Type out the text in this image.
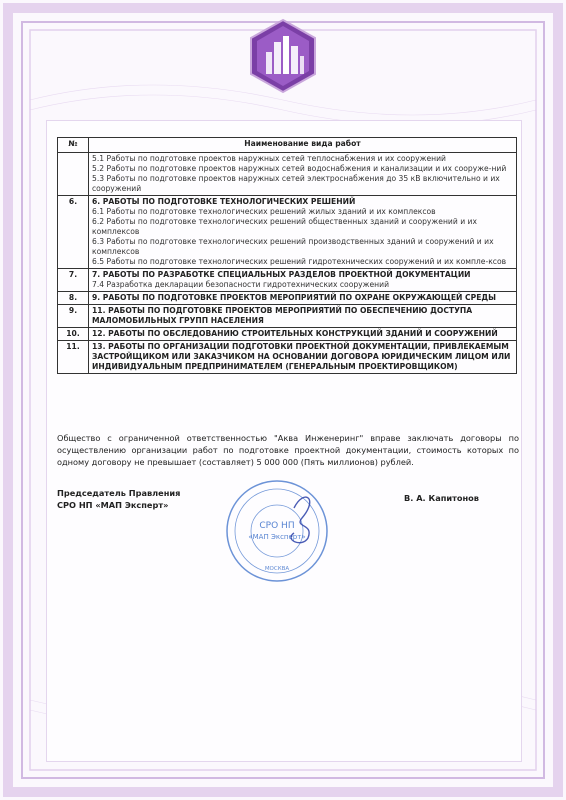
№	Наименование вида работ

	5.1 Работы по подготовке проектов наружных сетей теплоснабжения и их сооружений
5.2 Работы по подготовке проектов наружных сетей водоснабжения и канализации и их сооруже-ний
5.3 Работы по подготовке проектов наружных сетей электроснабжения до 35 кВ включительно и их сооружений

6.	6. РАБОТЫ ПО ПОДГОТОВКЕ ТЕХНОЛОГИЧЕСКИХ РЕШЕНИЙ
6.1 Работы по подготовке технологических решений жилых зданий и их комплексов
6.2 Работы по подготовке технологических решений общественных зданий и сооружений и их комплексов
6.3 Работы по подготовке технологических решений производственных зданий и сооружений и их комплексов
6.5 Работы по подготовке технологических решений гидротехнических сооружений и их компле-ксов

7.	7. РАБОТЫ ПО РАЗРАБОТКЕ СПЕЦИАЛЬНЫХ РАЗДЕЛОВ ПРОЕКТНОЙ ДОКУМЕНТАЦИИ
7.4 Разработка декларации безопасности гидротехнических сооружений

8.	9. РАБОТЫ ПО ПОДГОТОВКЕ ПРОЕКТОВ МЕРОПРИЯТИЙ ПО ОХРАНЕ ОКРУЖАЮЩЕЙ СРЕДЫ

9.	11. РАБОТЫ ПО ПОДГОТОВКЕ ПРОЕКТОВ МЕРОПРИЯТИЙ ПО ОБЕСПЕЧЕНИЮ ДОСТУПА МАЛОМОБИЛЬНЫХ ГРУПП НАСЕЛЕНИЯ

10.	12. РАБОТЫ ПО ОБСЛЕДОВАНИЮ СТРОИТЕЛЬНЫХ КОНСТРУКЦИЙ ЗДАНИЙ И СООРУЖЕНИЙ

11.	13. РАБОТЫ ПО ОРГАНИЗАЦИИ ПОДГОТОВКИ ПРОЕКТНОЙ ДОКУМЕНТАЦИИ, ПРИВЛЕКАЕМЫМ ЗАСТРОЙЩИКОМ ИЛИ ЗАКАЗЧИКОМ НА ОСНОВАНИИ ДОГОВОРА ЮРИДИЧЕСКИМ ЛИЦОМ ИЛИ ИНДИВИДУАЛЬНЫМ ПРЕДПРИНИМАТЕЛЕМ (ГЕНЕРАЛЬНЫМ ПРОЕКТИРОВЩИКОМ)
Общество с ограниченной ответственностью "Аква Инженеринг" вправе заключать договоры по осуществлению организации работ по подготовке проектной документации, стоимость которых по одному договору не превышает (составляет) 5 000 000 (Пять миллионов) рублей.
Председатель Правления
СРО НП «МАП Эксперт»
СРО НП
«МАП Эксперт»
МОСКВА
В. А. Капитонов
